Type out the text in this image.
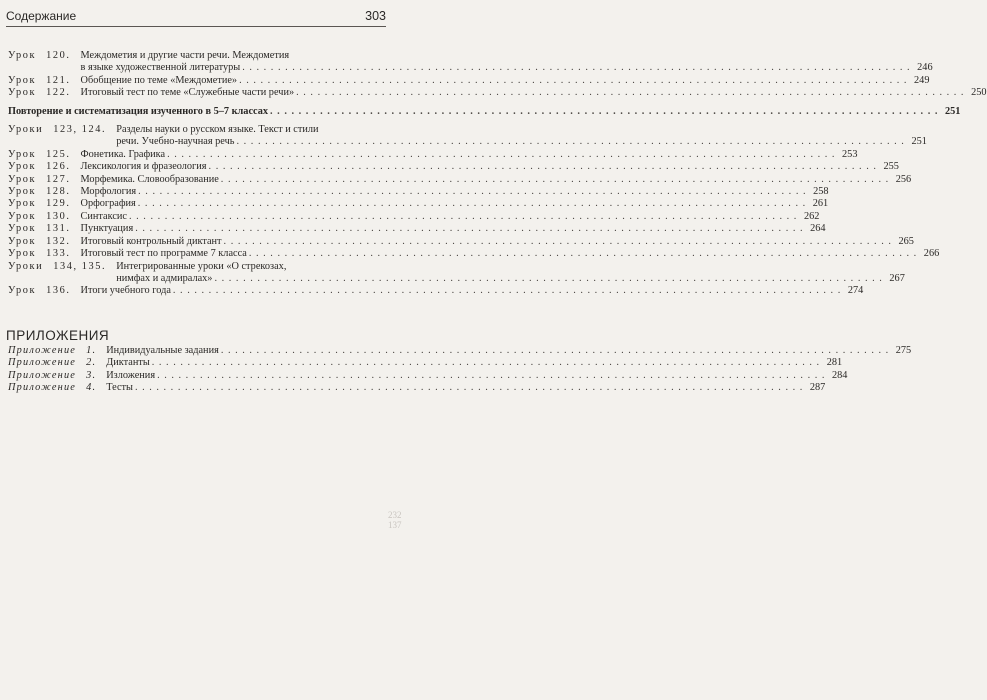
Содержание	303
Урок 120. Междометия и другие части речи. Междометия
в языке художественной литературы . . .	246
Урок 121. Обобщение по теме «Междометие» . . .	249
Урок 122. Итоговый тест по теме «Служебные части речи» . . .	250
Повторение и систематизация изученного в 5–7 классах . . .	251
Уроки 123, 124. Разделы науки о русском языке. Текст и стили
речи. Учебно-научная речь . . .	251
Урок 125. Фонетика. Графика . . .	253
Урок 126. Лексикология и фразеология . . .	255
Урок 127. Морфемика. Словообразование . . .	256
Урок 128. Морфология . . .	258
Урок 129. Орфография . . .	261
Урок 130. Синтаксис . . .	262
Урок 131. Пунктуация . . .	264
Урок 132. Итоговый контрольный диктант . . .	265
Урок 133. Итоговый тест по программе 7 класса . . .	266
Уроки 134, 135. Интегрированные уроки «О стрекозах,
нимфах и адмиралах» . . .	267
Урок 136. Итоги учебного года . . .	274
ПРИЛОЖЕНИЯ
Приложение 1. Индивидуальные задания . . .	275
Приложение 2. Диктанты . . .	281
Приложение 3. Изложения . . .	284
Приложение 4. Тесты . . .	287
232
137
